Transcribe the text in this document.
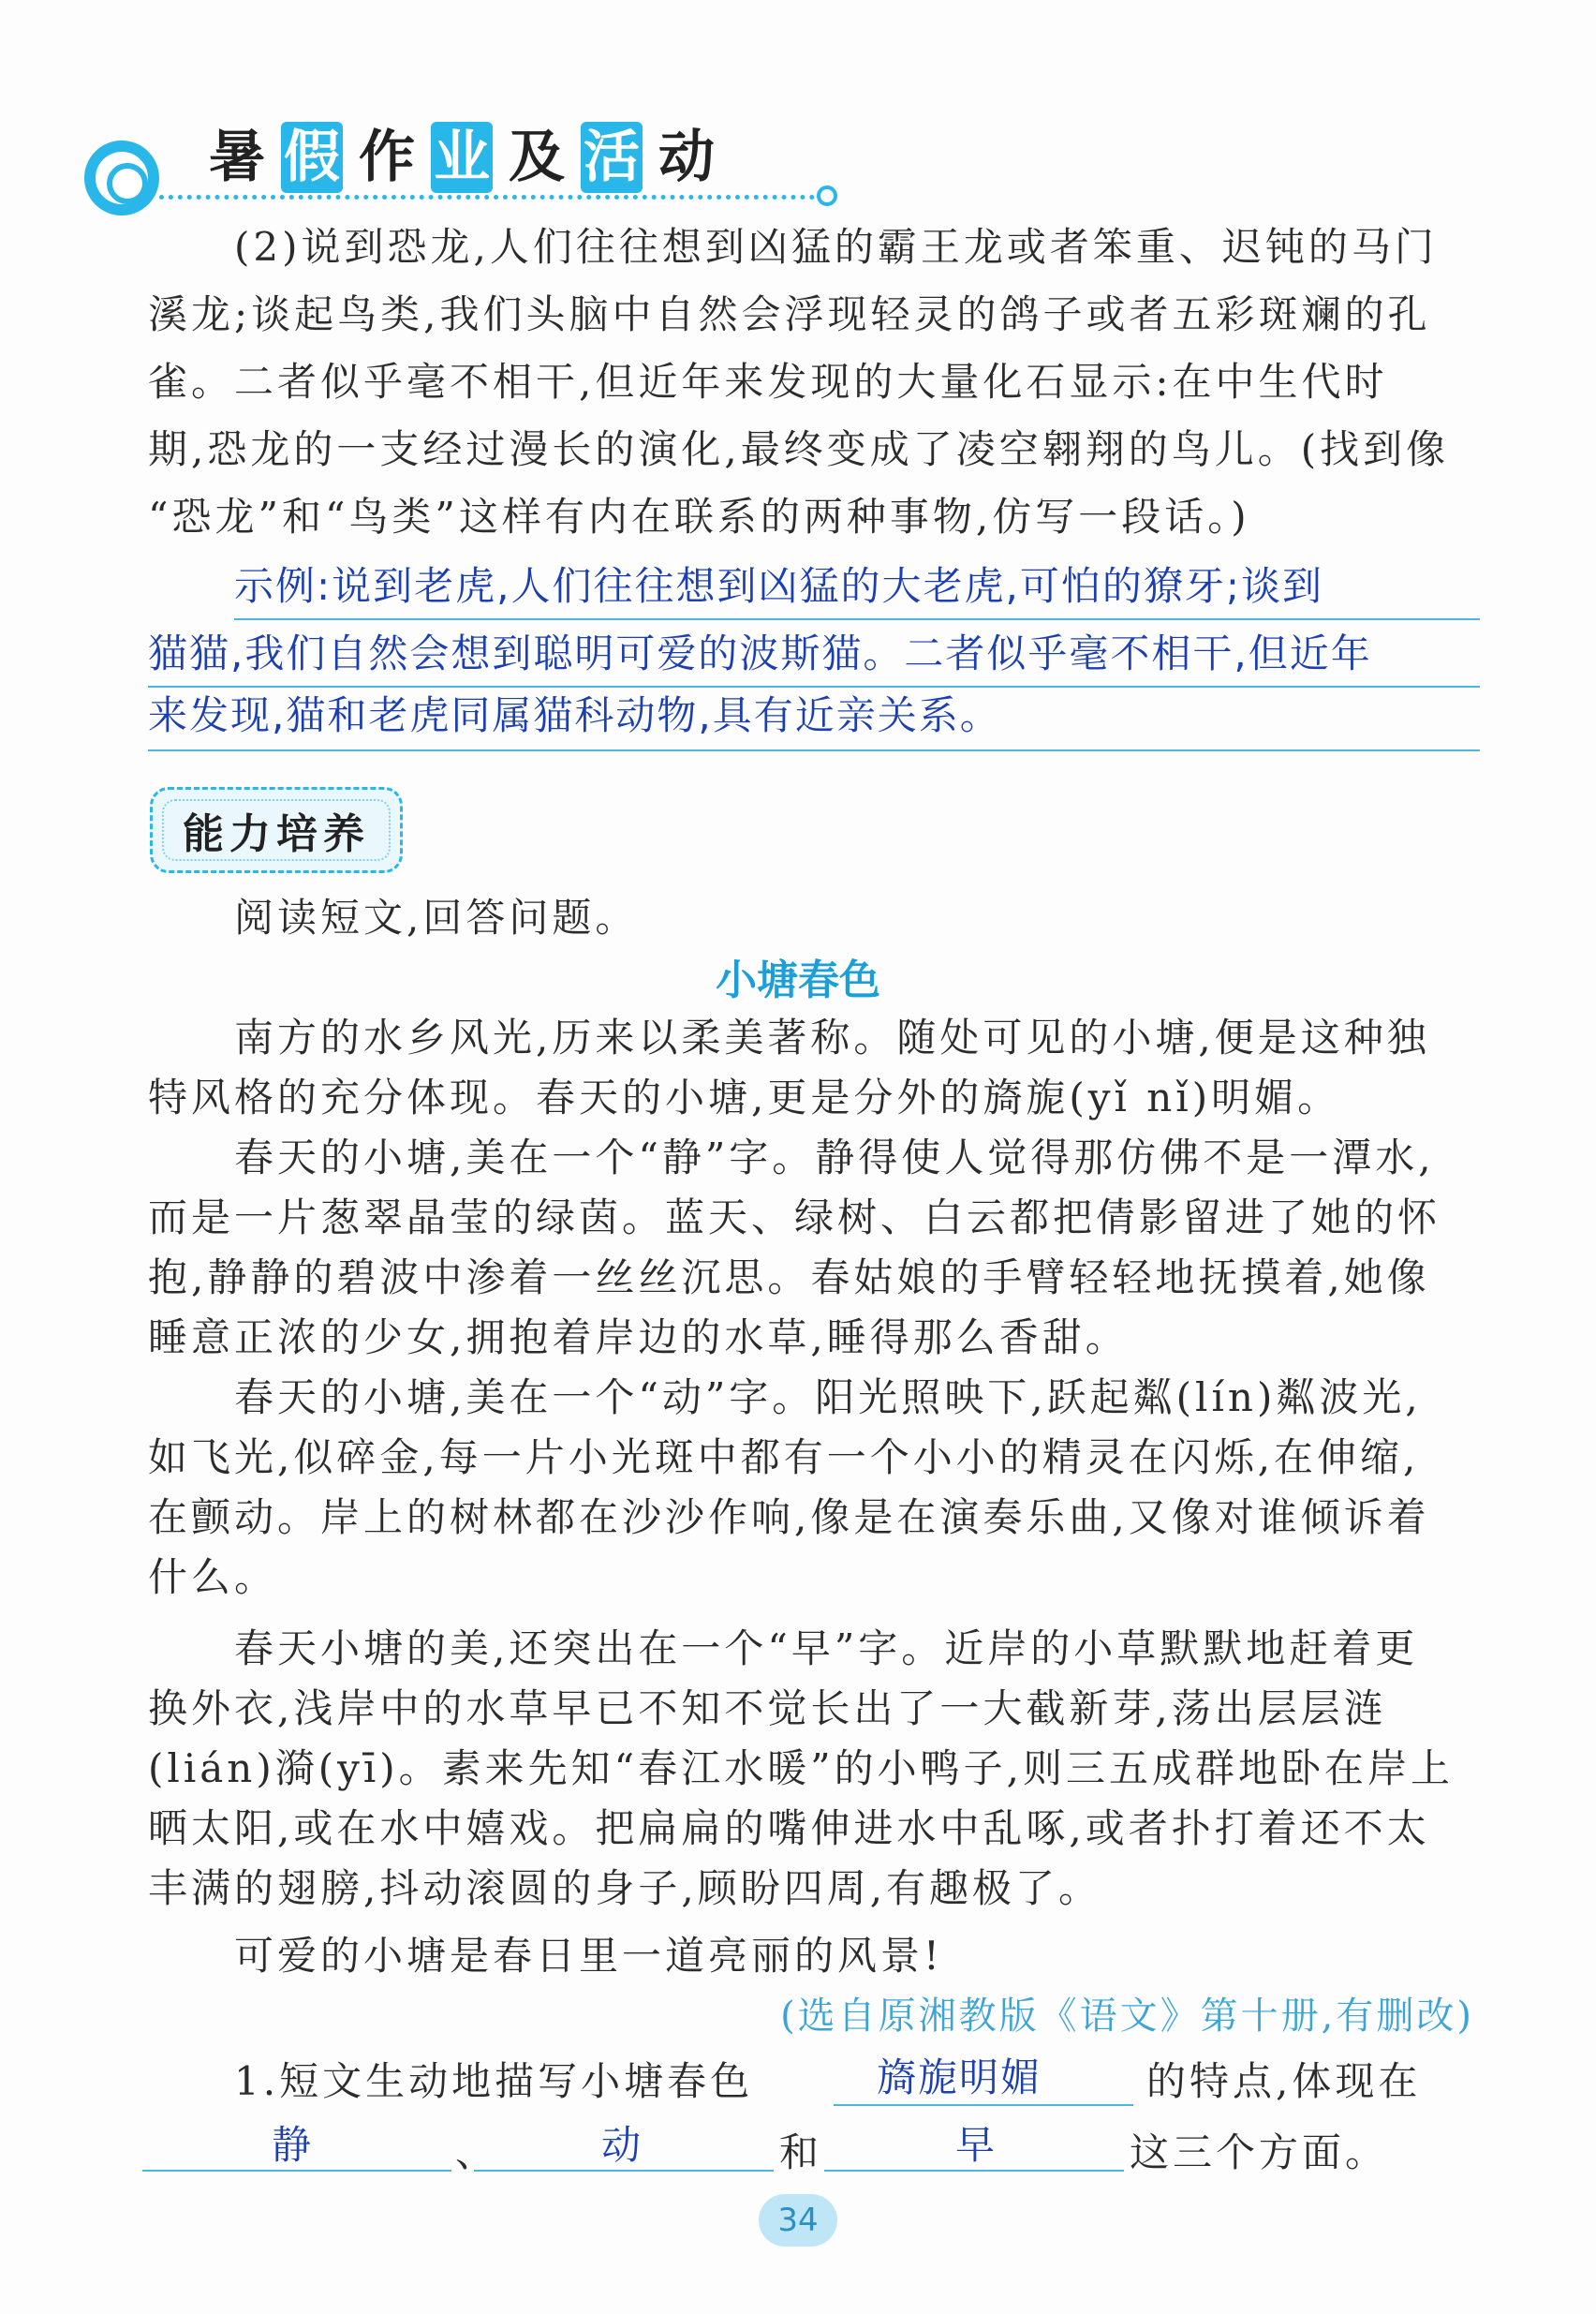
暑 假 作 业 及 活 动
(2)说到恐龙,人们往往想到凶猛的霸王龙或者笨重、迟钝的马门
溪龙;谈起鸟类,我们头脑中自然会浮现轻灵的鸽子或者五彩斑斓的孔
雀。二者似乎毫不相干,但近年来发现的大量化石显示:在中生代时
期,恐龙的一支经过漫长的演化,最终变成了凌空翱翔的鸟儿。(找到像
“恐龙”和“鸟类”这样有内在联系的两种事物,仿写一段话。)
示例:说到老虎,人们往往想到凶猛的大老虎,可怕的獠牙;谈到
猫猫,我们自然会想到聪明可爱的波斯猫。二者似乎毫不相干,但近年
来发现,猫和老虎同属猫科动物,具有近亲关系。
能力培养
阅读短文,回答问题。
小塘春色
南方的水乡风光,历来以柔美著称。随处可见的小塘,便是这种独
特风格的充分体现。春天的小塘,更是分外的旖旎(yǐ nǐ)明媚。
春天的小塘,美在一个“静”字。静得使人觉得那仿佛不是一潭水,
而是一片葱翠晶莹的绿茵。蓝天、绿树、白云都把倩影留进了她的怀
抱,静静的碧波中渗着一丝丝沉思。春姑娘的手臂轻轻地抚摸着,她像
睡意正浓的少女,拥抱着岸边的水草,睡得那么香甜。
春天的小塘,美在一个“动”字。阳光照映下,跃起粼(lín)粼波光,
如飞光,似碎金,每一片小光斑中都有一个小小的精灵在闪烁,在伸缩,
在颤动。岸上的树林都在沙沙作响,像是在演奏乐曲,又像对谁倾诉着
什么。
春天小塘的美,还突出在一个“早”字。近岸的小草默默地赶着更
换外衣,浅岸中的水草早已不知不觉长出了一大截新芽,荡出层层涟
(lián)漪(yī)。素来先知“春江水暖”的小鸭子,则三五成群地卧在岸上
晒太阳,或在水中嬉戏。把扁扁的嘴伸进水中乱啄,或者扑打着还不太
丰满的翅膀,抖动滚圆的身子,顾盼四周,有趣极了。
可爱的小塘是春日里一道亮丽的风景!
(选自原湘教版《语文》第十册,有删改)
1.短文生动地描写小塘春色	旖旎明媚	的特点,体现在
静	、	动	和	早	这三个方面。
34
